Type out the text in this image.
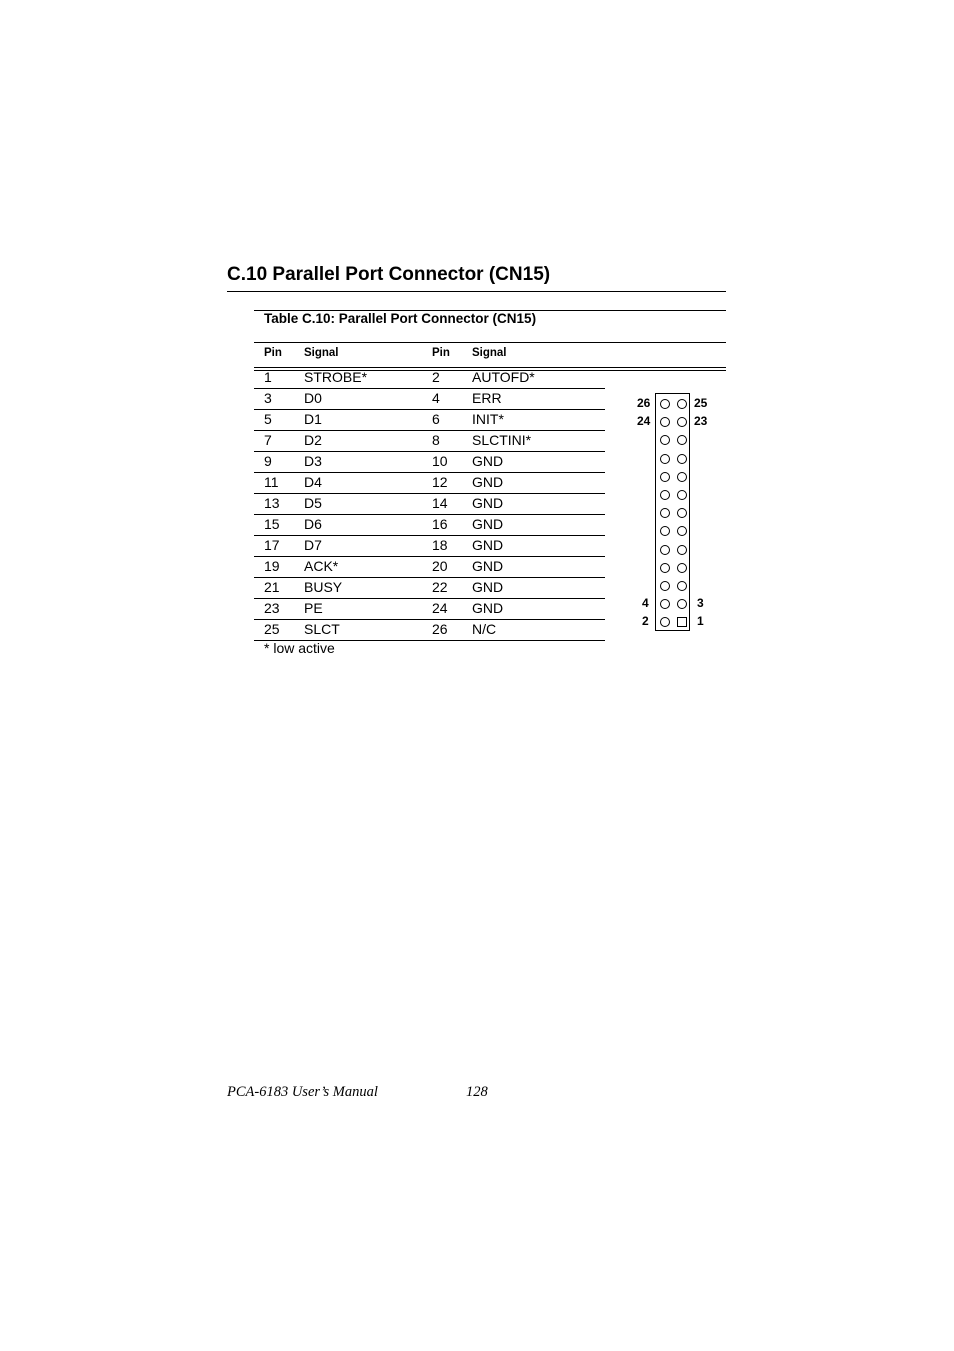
C.10 Parallel Port Connector (CN15)
Table C.10: Parallel Port Connector (CN15)
Pin Signal	Pin Signal
1 STROBE*	2 AUTOFD*
3 D0	4 ERR
5 D1	6 INIT*
7 D2	8 SLCTINI*
9 D3	10 GND
11 D4	12 GND
13 D5	14 GND
15 D6	16 GND
17 D7	18 GND
19 ACK*	20 GND
21 BUSY	22 GND
23 PE	24 GND
25 SLCT	26 N/C
* low active
26	25
24	23
4	3
2	1
PCA-6183 User’s Manual	128
